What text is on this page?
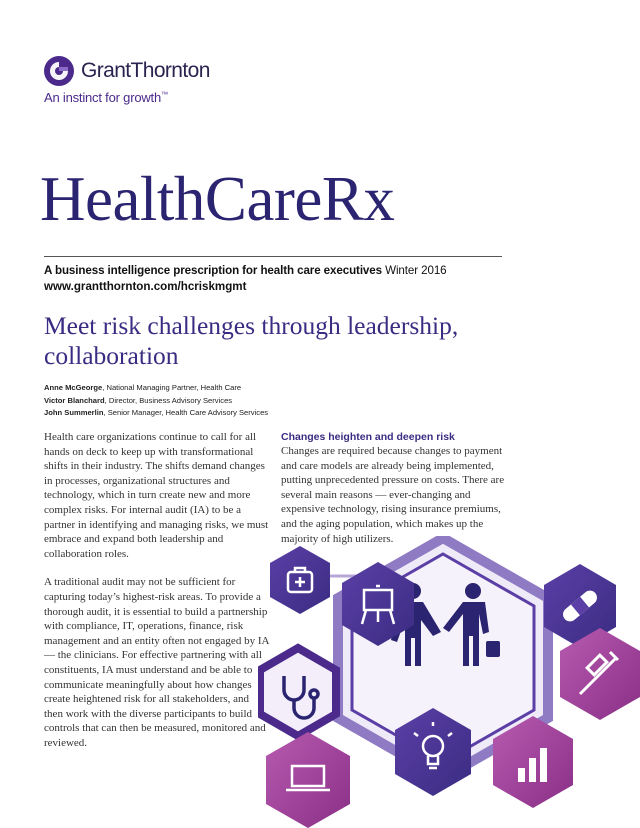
GrantThornton
An instinct for growth™
HealthCareRx
A business intelligence prescription for health care executives Winter 2016
www.grantthornton.com/hcriskmgmt
Meet risk challenges through leadership, collaboration
Anne McGeorge, National Managing Partner, Health Care
Victor Blanchard, Director, Business Advisory Services
John Summerlin, Senior Manager, Health Care Advisory Services

Health care organizations continue to call for all hands on deck to keep up with transformational shifts in their industry. The shifts demand changes in processes, organizational structures and technology, which in turn create new and more complex risks. For internal audit (IA) to be a partner in identifying and managing risks, we must embrace and expand both leadership and collaboration roles.

A traditional audit may not be sufficient for capturing today’s highest-risk areas. To provide a thorough audit, it is essential to build a partnership with compliance, IT, operations, finance, risk management and an entity often not engaged by IA — the clinicians. For effective partnering with all constituents, IA must understand and be able to communicate meaningfully about how changes create heightened risk for all stakeholders, and then work with the diverse participants to build controls that can then be measured, monitored and reviewed.

Changes heighten and deepen risk

Changes are required because changes to payment and care models are already being implemented, putting unprecedented pressure on costs. There are several main reasons — ever-changing and expensive technology, rising insurance premiums, and the aging population, which makes up the majority of high utilizers.
